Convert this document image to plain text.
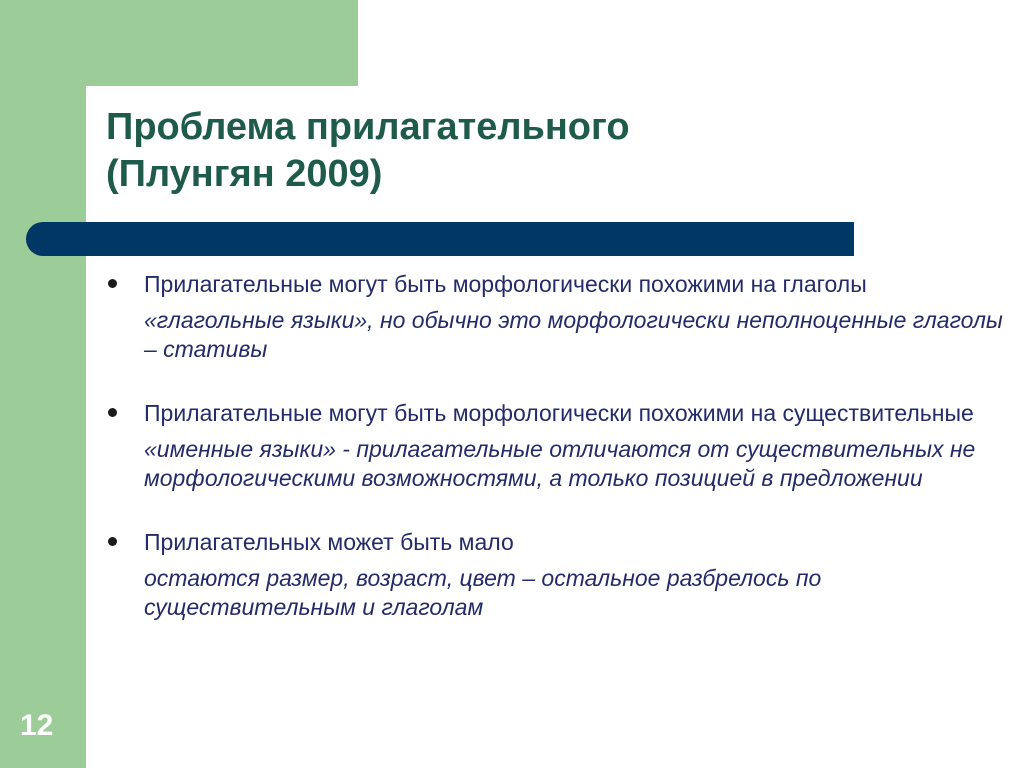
Проблема прилагательного
(Плунгян 2009)

Прилагательные могут быть морфологически похожими на глаголы

«глагольные языки», но обычно это морфологически неполноценные глаголы – стативы

Прилагательные могут быть морфологически похожими на существительные

«именные языки» - прилагательные отличаются от существительных не морфологическими возможностями, а только позицией в предложении

Прилагательных может быть мало

остаются размер, возраст, цвет – остальное разбрелось по существительным и глаголам

12
